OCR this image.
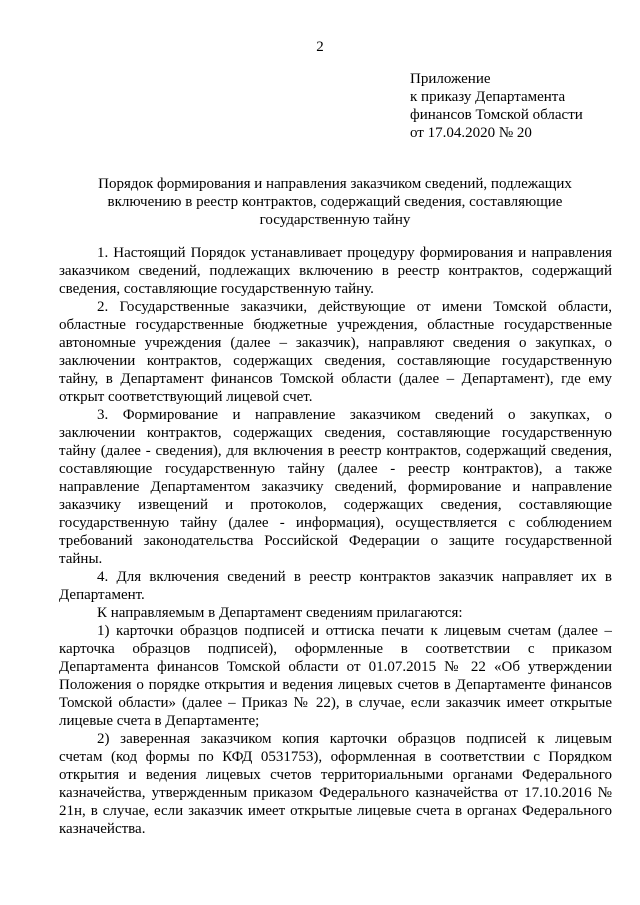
2
Приложение
к приказу Департамента
финансов Томской области
от 17.04.2020 № 20
Порядок формирования и направления заказчиком сведений, подлежащих
включению в реестр контрактов, содержащий сведения, составляющие
государственную тайну
1. Настоящий Порядок устанавливает процедуру формирования и направления
заказчиком сведений, подлежащих включению в реестр контрактов, содержащий
сведения, составляющие государственную тайну.
2. Государственные заказчики, действующие от имени Томской области,
областные государственные бюджетные учреждения, областные государственные
автономные учреждения (далее – заказчик), направляют сведения о закупках, о
заключении контрактов, содержащих сведения, составляющие государственную
тайну, в Департамент финансов Томской области (далее – Департамент), где ему
открыт соответствующий лицевой счет.
3. Формирование и направление заказчиком сведений о закупках, о
заключении контрактов, содержащих сведения, составляющие государственную
тайну (далее - сведения), для включения в реестр контрактов, содержащий сведения,
составляющие государственную тайну (далее - реестр контрактов), а также
направление Департаментом заказчику сведений, формирование и направление
заказчику извещений и протоколов, содержащих сведения, составляющие
государственную тайну (далее - информация), осуществляется с соблюдением
требований законодательства Российской Федерации о защите государственной
тайны.
4. Для включения сведений в реестр контрактов заказчик направляет их в
Департамент.
К направляемым в Департамент сведениям прилагаются:
1) карточки образцов подписей и оттиска печати к лицевым счетам (далее –
карточка образцов подписей), оформленные в соответствии с приказом
Департамента финансов Томской области от 01.07.2015 № 22 «Об утверждении
Положения о порядке открытия и ведения лицевых счетов в Департаменте финансов
Томской области» (далее – Приказ № 22), в случае, если заказчик имеет открытые
лицевые счета в Департаменте;
2) заверенная заказчиком копия карточки образцов подписей к лицевым
счетам (код формы по КФД 0531753), оформленная в соответствии с Порядком
открытия и ведения лицевых счетов территориальными органами Федерального
казначейства, утвержденным приказом Федерального казначейства от 17.10.2016 №
21н, в случае, если заказчик имеет открытые лицевые счета в органах Федерального
казначейства.
